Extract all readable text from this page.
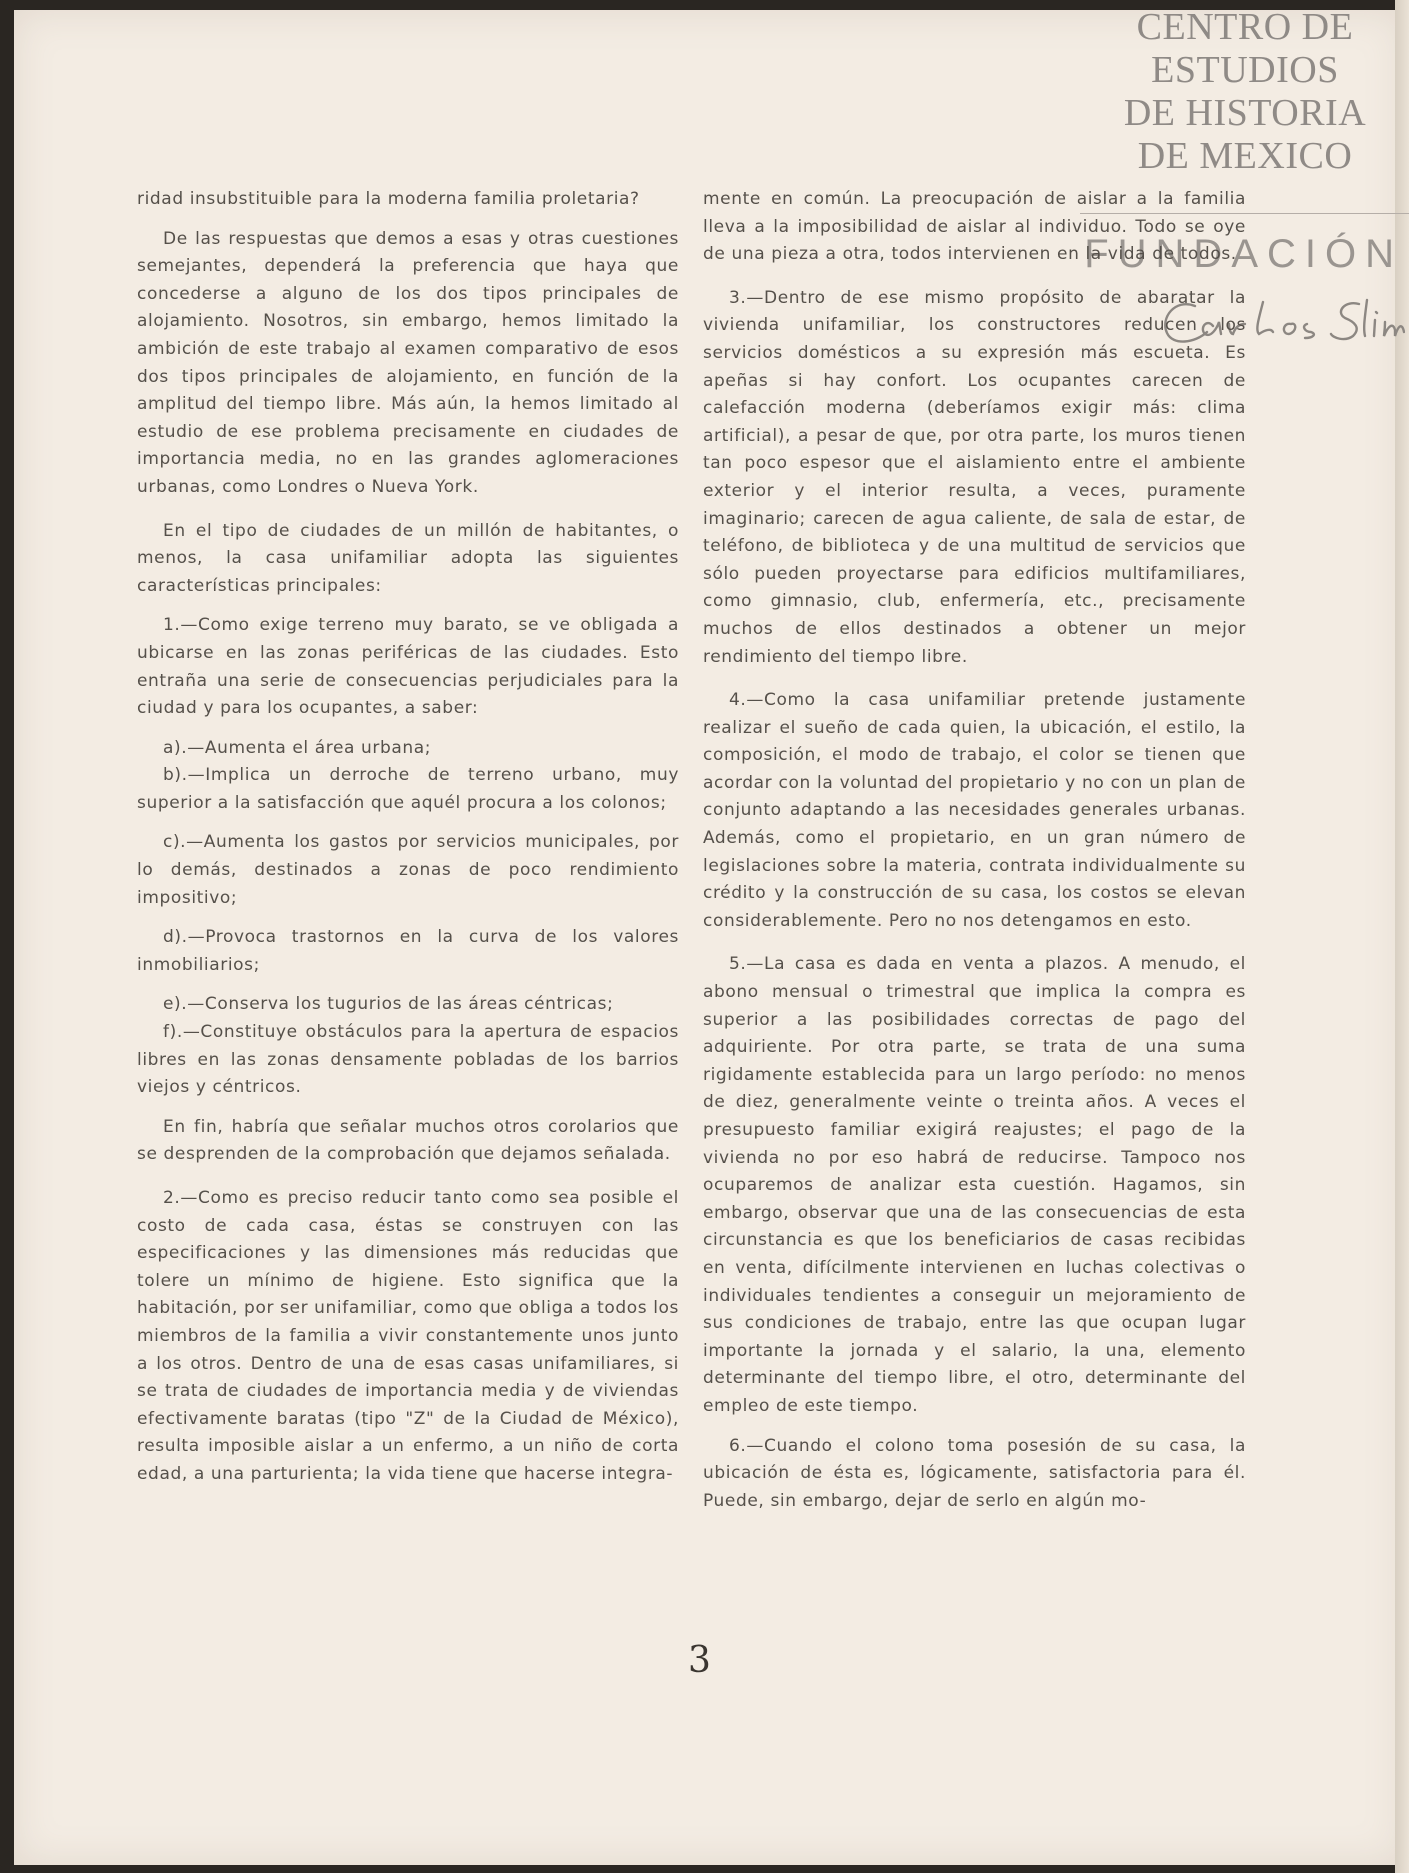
CENTRO DE
ESTUDIOS
DE HISTORIA
DE MEXICO
FUNDACIÓN

ridad insubstituible para la moderna familia proletaria?

De las respuestas que demos a esas y otras cuestiones semejantes, dependerá la preferencia que haya que concederse a alguno de los dos tipos principales de alojamiento. Nosotros, sin embargo, hemos limitado la ambición de este trabajo al examen comparativo de esos dos tipos principales de alojamiento, en función de la amplitud del tiempo libre. Más aún, la hemos limitado al estudio de ese problema precisamente en ciudades de importancia media, no en las grandes aglomeraciones urbanas, como Londres o Nueva York.

En el tipo de ciudades de un millón de habitantes, o menos, la casa unifamiliar adopta las siguientes características principales:

1.—Como exige terreno muy barato, se ve obligada a ubicarse en las zonas periféricas de las ciudades. Esto entraña una serie de consecuencias perjudiciales para la ciudad y para los ocupantes, a saber:

a).—Aumenta el área urbana;

b).—Implica un derroche de terreno urbano, muy superior a la satisfacción que aquél procura a los colonos;

c).—Aumenta los gastos por servicios municipales, por lo demás, destinados a zonas de poco rendimiento impositivo;

d).—Provoca trastornos en la curva de los valores inmobiliarios;

e).—Conserva los tugurios de las áreas céntricas;

f).—Constituye obstáculos para la apertura de espacios libres en las zonas densamente pobladas de los barrios viejos y céntricos.

En fin, habría que señalar muchos otros corolarios que se desprenden de la comprobación que dejamos señalada.

2.—Como es preciso reducir tanto como sea posible el costo de cada casa, éstas se construyen con las especificaciones y las dimensiones más reducidas que tolere un mínimo de higiene. Esto significa que la habitación, por ser unifamiliar, como que obliga a todos los miembros de la familia a vivir constantemente unos junto a los otros. Dentro de una de esas casas unifamiliares, si se trata de ciudades de importancia media y de viviendas efectivamente baratas (tipo "Z" de la Ciudad de México), resulta imposible aislar a un enfermo, a un niño de corta edad, a una parturienta; la vida tiene que hacerse integra-

mente en común. La preocupación de aislar a la familia lleva a la imposibilidad de aislar al individuo. Todo se oye de una pieza a otra, todos intervienen en la vida de todos.

3.—Dentro de ese mismo propósito de abaratar la vivienda unifamiliar, los constructores reducen los servicios domésticos a su expresión más escueta. Es apeñas si hay confort. Los ocupantes carecen de calefacción moderna (deberíamos exigir más: clima artificial), a pesar de que, por otra parte, los muros tienen tan poco espesor que el aislamiento entre el ambiente exterior y el interior resulta, a veces, puramente imaginario; carecen de agua caliente, de sala de estar, de teléfono, de biblioteca y de una multitud de servicios que sólo pueden proyectarse para edificios multifamiliares, como gimnasio, club, enfermería, etc., precisamente muchos de ellos destinados a obtener un mejor rendimiento del tiempo libre.

4.—Como la casa unifamiliar pretende justamente realizar el sueño de cada quien, la ubicación, el estilo, la composición, el modo de trabajo, el color se tienen que acordar con la voluntad del propietario y no con un plan de conjunto adaptando a las necesidades generales urbanas. Además, como el propietario, en un gran número de legislaciones sobre la materia, contrata individualmente su crédito y la construcción de su casa, los costos se elevan considerablemente. Pero no nos detengamos en esto.

5.—La casa es dada en venta a plazos. A menudo, el abono mensual o trimestral que implica la compra es superior a las posibilidades correctas de pago del adquiriente. Por otra parte, se trata de una suma rigidamente establecida para un largo período: no menos de diez, generalmente veinte o treinta años. A veces el presupuesto familiar exigirá reajustes; el pago de la vivienda no por eso habrá de reducirse. Tampoco nos ocuparemos de analizar esta cuestión. Hagamos, sin embargo, observar que una de las consecuencias de esta circunstancia es que los beneficiarios de casas recibidas en venta, difícilmente intervienen en luchas colectivas o individuales tendientes a conseguir un mejoramiento de sus condiciones de trabajo, entre las que ocupan lugar importante la jornada y el salario, la una, elemento determinante del tiempo libre, el otro, determinante del empleo de este tiempo.

6.—Cuando el colono toma posesión de su casa, la ubicación de ésta es, lógicamente, satisfactoria para él. Puede, sin embargo, dejar de serlo en algún mo-

3
